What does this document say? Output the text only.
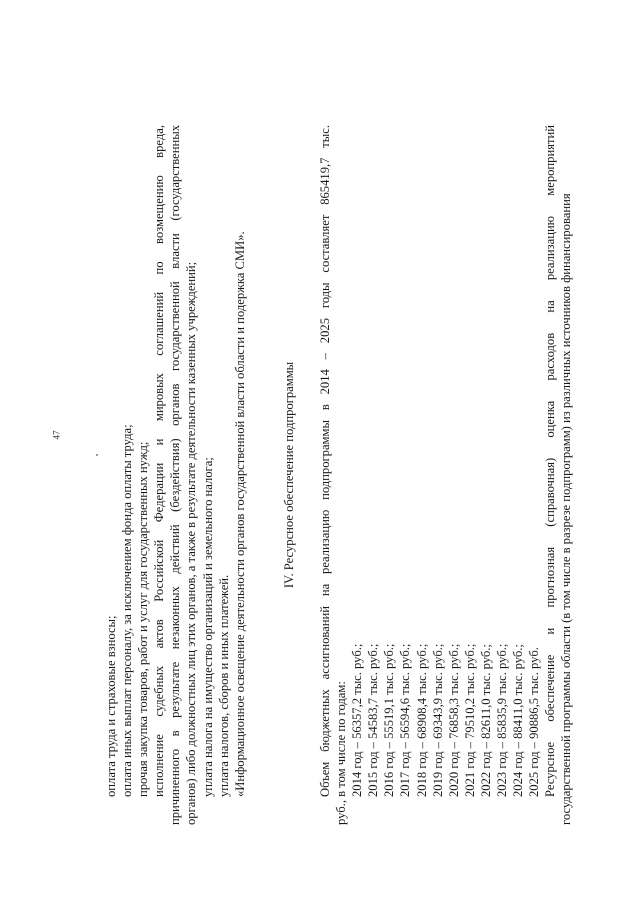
47

оплата труда и страховые взносы; оплата иных выплат персоналу, за исключением фонда оплаты труда; прочая закупка товаров, работ и услуг для государственных нужд; исполнение судебных актов Российской Федерации и мировых соглашений по возмещению вреда, причиненного в результате незаконных действий (бездействия) органов государственной власти (государственных органов) либо должностных лиц этих органов, а также в результате деятельности казенных учреждений; уплата налога на имущество организаций и земельного налога; уплата налогов, сборов и иных платежей. «Информационное освещение деятельности органов государственной власти области и подержка СМИ».	IV. Ресурсное обеспечение подпрограммы Объем бюджетных ассигнований на реализацию подпрограммы в 2014 – 2025 годы составляет 865419,7 тыс. руб., в том числе по годам: 2014 год – 56357,2 тыс. руб.; 2015 год – 54583,7 тыс. руб.; 2016 год – 55519,1 тыс. руб.; 2017 год – 56594,6 тыс. руб.; 2018 год – 68908,4 тыс. руб.; 2019 год – 69343,9 тыс. руб.; 2020 год – 76858,3 тыс. руб.; 2021 год – 79510,2 тыс. руб.; 2022 год – 82611,0 тыс. руб.; 2023 год – 85835,9 тыс. руб.; 2024 год – 88411,0 тыс. руб.; 2025 год – 90886,5 тыс. руб. Ресурсное обеспечение и прогнозная (справочная) оценка расходов на реализацию мероприятий государственной программы области (в том числе в разрезе подпрограмм) из различных источников финансирования
